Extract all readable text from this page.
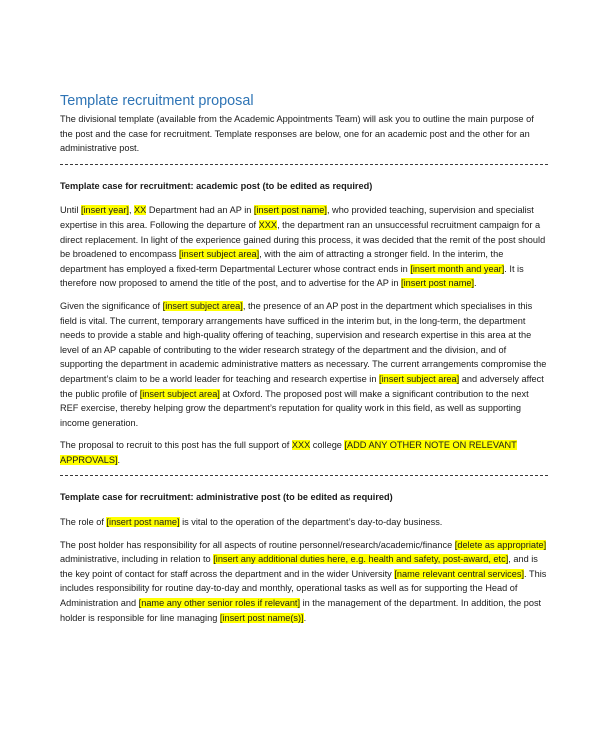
Template recruitment proposal

The divisional template (available from the Academic Appointments Team) will ask you to outline the main purpose of the post and the case for recruitment. Template responses are below, one for an academic post and the other for an administrative post.

Template case for recruitment: academic post (to be edited as required)

Until [insert year], XX Department had an AP in [insert post name], who provided teaching, supervision and specialist expertise in this area. Following the departure of XXX, the department ran an unsuccessful recruitment campaign for a direct replacement. In light of the experience gained during this process, it was decided that the remit of the post should be broadened to encompass [insert subject area], with the aim of attracting a stronger field. In the interim, the department has employed a fixed-term Departmental Lecturer whose contract ends in [insert month and year]. It is therefore now proposed to amend the title of the post, and to advertise for the AP in [insert post name].

Given the significance of [insert subject area], the presence of an AP post in the department which specialises in this field is vital. The current, temporary arrangements have sufficed in the interim but, in the long-term, the department needs to provide a stable and high-quality offering of teaching, supervision and research expertise in this area at the level of an AP capable of contributing to the wider research strategy of the department and the division, and of supporting the department in academic administrative matters as necessary. The current arrangements compromise the department’s claim to be a world leader for teaching and research expertise in [insert subject area] and adversely affect the public profile of [insert subject area] at Oxford. The proposed post will make a significant contribution to the next REF exercise, thereby helping grow the department’s reputation for quality work in this field, as well as supporting income generation.

The proposal to recruit to this post has the full support of XXX college [ADD ANY OTHER NOTE ON RELEVANT APPROVALS].

Template case for recruitment: administrative post (to be edited as required)

The role of [insert post name] is vital to the operation of the department’s day-to-day business.

The post holder has responsibility for all aspects of routine personnel/research/academic/finance [delete as appropriate] administrative, including in relation to [insert any additional duties here, e.g. health and safety, post-award, etc], and is the key point of contact for staff across the department and in the wider University [name relevant central services]. This includes responsibility for routine day-to-day and monthly, operational tasks as well as for supporting the Head of Administration and [name any other senior roles if relevant] in the management of the department. In addition, the post holder is responsible for line managing [insert post name(s)].
